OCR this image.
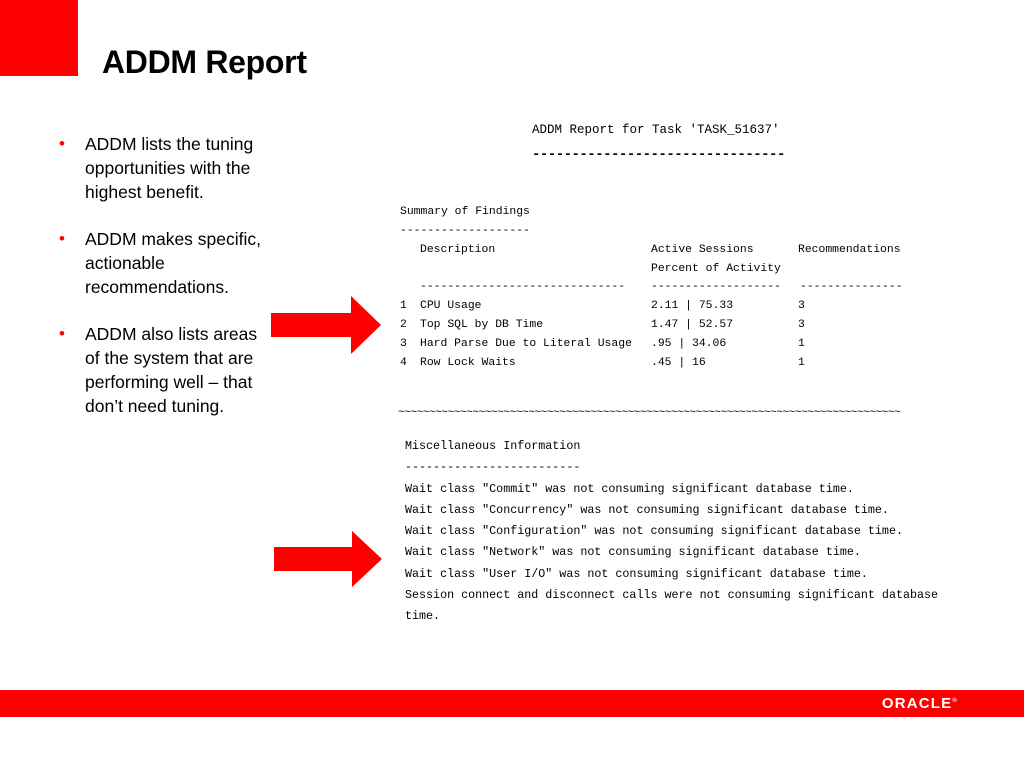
ADDM Report
• ADDM lists the tuning opportunities with the highest benefit.
• ADDM makes specific, actionable recommendations.
• ADDM also lists areas of the system that are performing well – that don’t need tuning.
ADDM Report for Task 'TASK_51637'
--------------------------------
Summary of Findings
-------------------
Description	Active Sessions	Recommendations
Percent of Activity
------------------------------ ------------------- ---------------
1 CPU Usage	2.11 | 75.33	3
2 Top SQL by DB Time	1.47 | 52.57	3
3 Hard Parse Due to Literal Usage .95 | 34.06	1
4 Row Lock Waits	.45 | 16	1
~~~~~~~~~~~~~~~~~~~~~~~~~~~~~~~~~~~~~~~~~~~~~~~~~~~~~~~~~~~~~~~~~~~~~~~~~~~~~~~~~
Miscellaneous Information
-------------------------
Wait class "Commit" was not consuming significant database time.
Wait class "Concurrency" was not consuming significant database time.
Wait class "Configuration" was not consuming significant database time.
Wait class "Network" was not consuming significant database time.
Wait class "User I/O" was not consuming significant database time.
Session connect and disconnect calls were not consuming significant database
time.
ORACLE®
